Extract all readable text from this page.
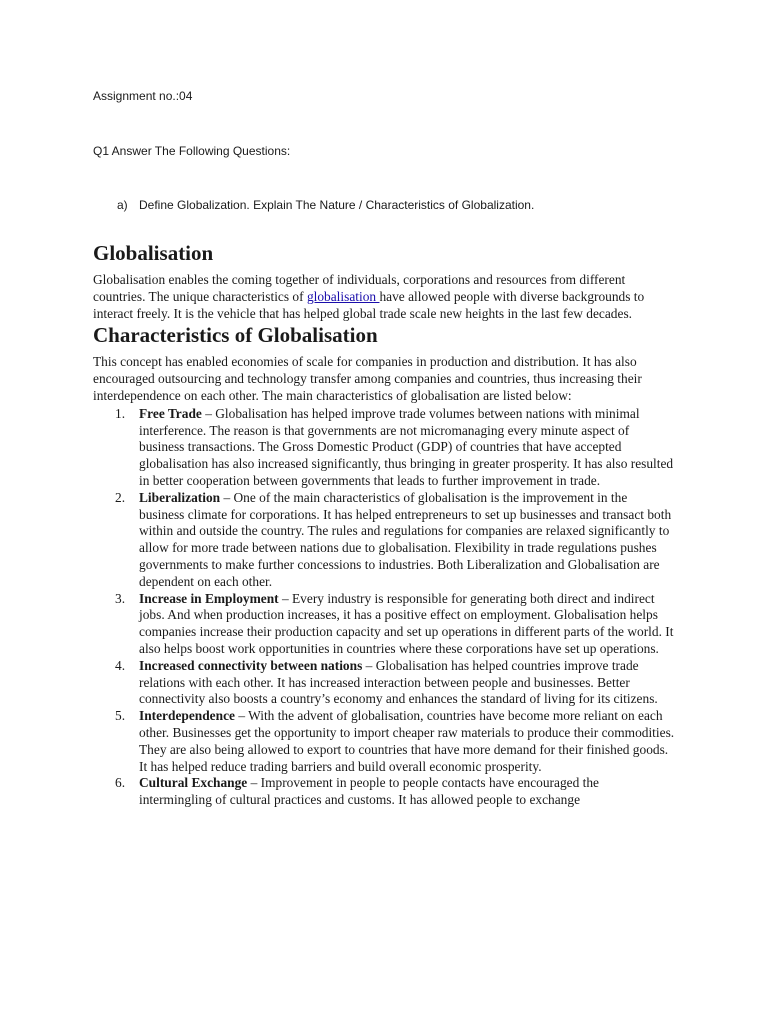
Assignment no.:04
Q1 Answer The Following Questions:
a) Define Globalization. Explain The Nature / Characteristics of Globalization.
Globalisation

Globalisation enables the coming together of individuals, corporations and resources from different countries. The unique characteristics of globalisation have allowed people with diverse backgrounds to interact freely. It is the vehicle that has helped global trade scale new heights in the last few decades.

Characteristics of Globalisation

This concept has enabled economies of scale for companies in production and distribution. It has also encouraged outsourcing and technology transfer among companies and countries, thus increasing their interdependence on each other. The main characteristics of globalisation are listed below:

1. Free Trade – Globalisation has helped improve trade volumes between nations with minimal interference. The reason is that governments are not micromanaging every minute aspect of business transactions. The Gross Domestic Product (GDP) of countries that have accepted globalisation has also increased significantly, thus bringing in greater prosperity. It has also resulted in better cooperation between governments that leads to further improvement in trade.
2. Liberalization – One of the main characteristics of globalisation is the improvement in the business climate for corporations. It has helped entrepreneurs to set up businesses and transact both within and outside the country. The rules and regulations for companies are relaxed significantly to allow for more trade between nations due to globalisation. Flexibility in trade regulations pushes governments to make further concessions to industries. Both Liberalization and Globalisation are dependent on each other.
3. Increase in Employment – Every industry is responsible for generating both direct and indirect jobs. And when production increases, it has a positive effect on employment. Globalisation helps companies increase their production capacity and set up operations in different parts of the world. It also helps boost work opportunities in countries where these corporations have set up operations.
4. Increased connectivity between nations – Globalisation has helped countries improve trade relations with each other. It has increased interaction between people and businesses. Better connectivity also boosts a country’s economy and enhances the standard of living for its citizens.
5. Interdependence – With the advent of globalisation, countries have become more reliant on each other. Businesses get the opportunity to import cheaper raw materials to produce their commodities. They are also being allowed to export to countries that have more demand for their finished goods. It has helped reduce trading barriers and build overall economic prosperity.
6. Cultural Exchange – Improvement in people to people contacts have encouraged the intermingling of cultural practices and customs. It has allowed people to exchange
